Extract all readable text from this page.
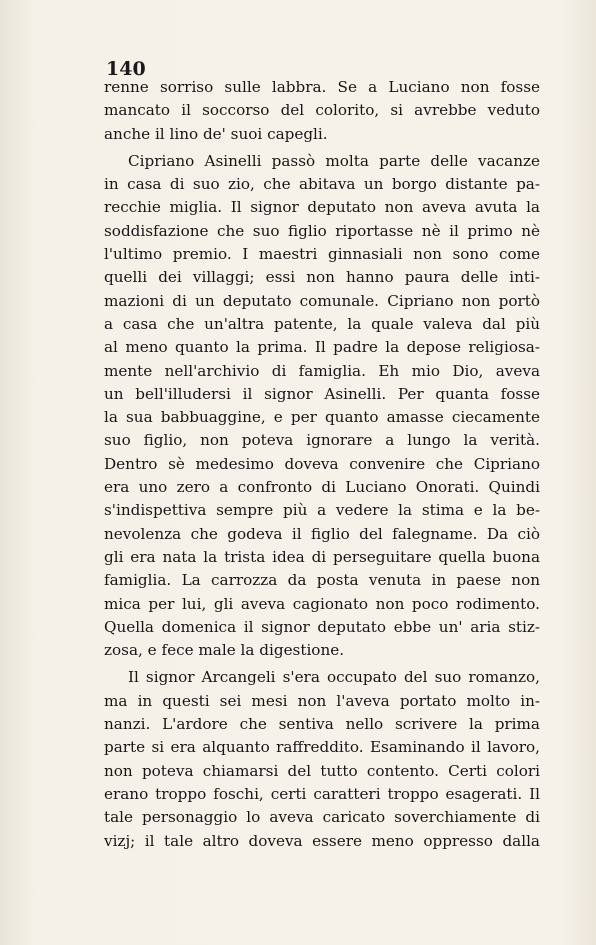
140
renne sorriso sulle labbra. Se a Luciano non fosse
mancato il soccorso del colorito, si avrebbe veduto
anche il lino de' suoi capegli.
Cipriano Asinelli passò molta parte delle vacanze
in casa di suo zio, che abitava un borgo distante pa-
recchie miglia. Il signor deputato non aveva avuta la
soddisfazione che suo figlio riportasse nè il primo nè
l'ultimo premio. I maestri ginnasiali non sono come
quelli dei villaggi; essi non hanno paura delle inti-
mazioni di un deputato comunale. Cipriano non portò
a casa che un'altra patente, la quale valeva dal più
al meno quanto la prima. Il padre la depose religiosa-
mente nell'archivio di famiglia. Eh mio Dio, aveva
un bell'illudersi il signor Asinelli. Per quanta fosse
la sua babbuaggine, e per quanto amasse ciecamente
suo figlio, non poteva ignorare a lungo la verità.
Dentro sè medesimo doveva convenire che Cipriano
era uno zero a confronto di Luciano Onorati. Quindi
s'indispettiva sempre più a vedere la stima e la be-
nevolenza che godeva il figlio del falegname. Da ciò
gli era nata la trista idea di perseguitare quella buona
famiglia. La carrozza da posta venuta in paese non
mica per lui, gli aveva cagionato non poco rodimento.
Quella domenica il signor deputato ebbe un' aria stiz-
zosa, e fece male la digestione.
Il signor Arcangeli s'era occupato del suo romanzo,
ma in questi sei mesi non l'aveva portato molto in-
nanzi. L'ardore che sentiva nello scrivere la prima
parte si era alquanto raffreddito. Esaminando il lavoro,
non poteva chiamarsi del tutto contento. Certi colori
erano troppo foschi, certi caratteri troppo esagerati. Il
tale personaggio lo aveva caricato soverchiamente di
vizj; il tale altro doveva essere meno oppresso dalla
